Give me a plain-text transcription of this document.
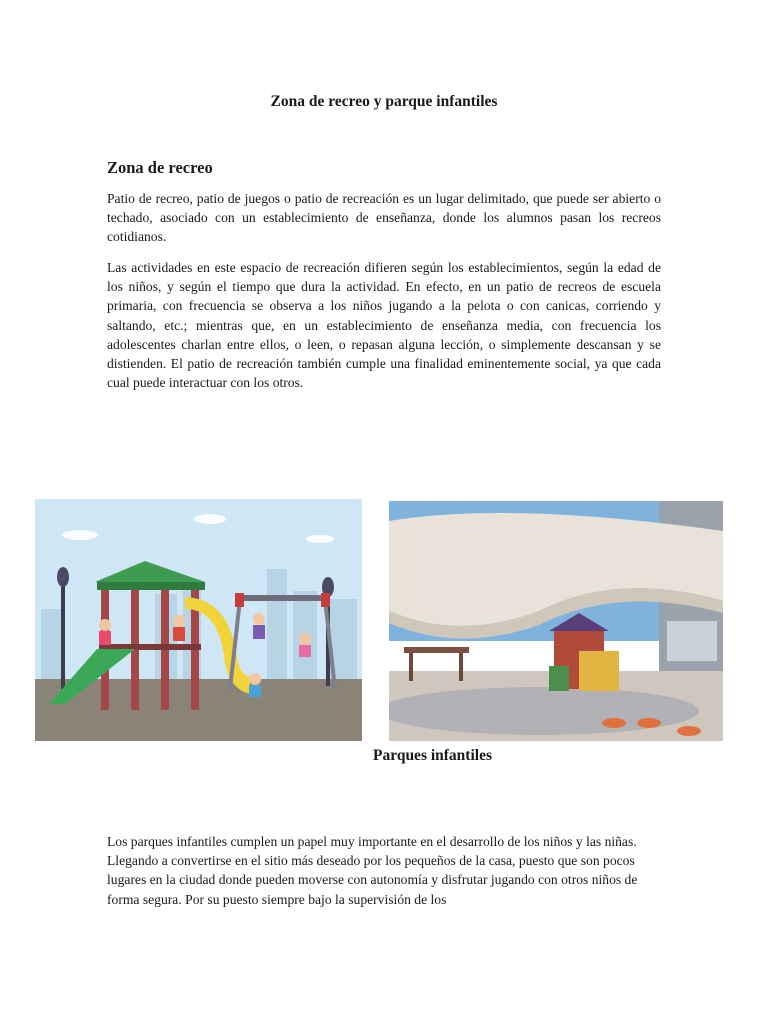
Zona de recreo y parque infantiles
Zona de recreo

Patio de recreo, patio de juegos o patio de recreación es un lugar delimitado, que puede ser abierto o techado, asociado con un establecimiento de enseñanza, donde los alumnos pasan los recreos cotidianos.

Las actividades en este espacio de recreación difieren según los establecimientos, según la edad de los niños, y según el tiempo que dura la actividad. En efecto, en un patio de recreos de escuela primaria, con frecuencia se observa a los niños jugando a la pelota o con canicas, corriendo y saltando, etc.; mientras que, en un establecimiento de enseñanza media, con frecuencia los adolescentes charlan entre ellos, o leen, o repasan alguna lección, o simplemente descansan y se distienden. El patio de recreación también cumple una finalidad eminentemente social, ya que cada cual puede interactuar con los otros.

Parques infantiles

Los parques infantiles cumplen un papel muy importante en el desarrollo de los niños y las niñas. Llegando a convertirse en el sitio más deseado por los pequeños de la casa, puesto que son pocos lugares en la ciudad donde pueden moverse con autonomía y disfrutar jugando con otros niños de forma segura. Por su puesto siempre bajo la supervisión de los
